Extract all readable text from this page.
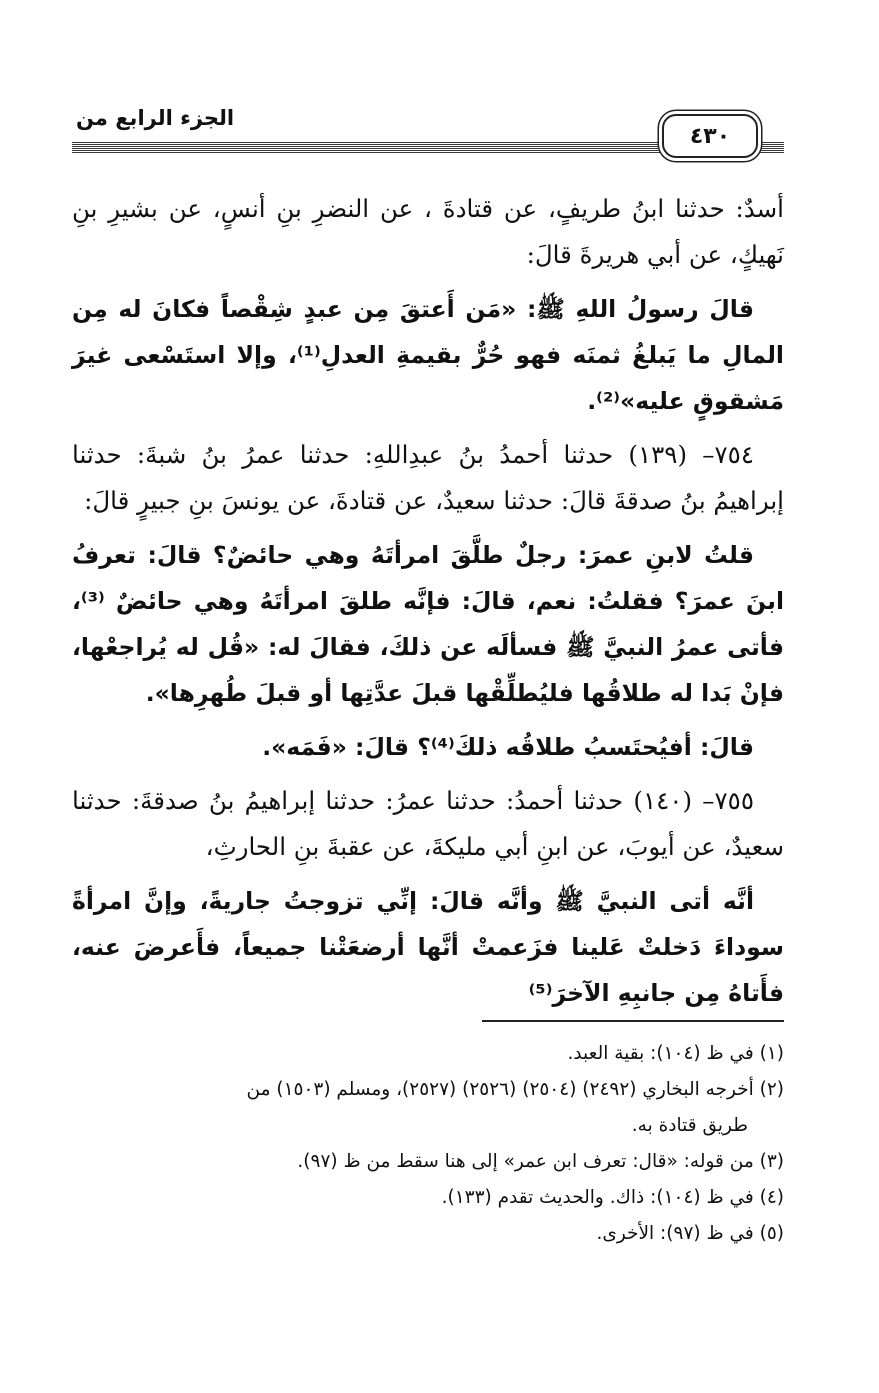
الجزء الرابع من
٤٣٠

أسدٌ: حدثنا ابنُ طريفٍ، عن قتادةَ ، عن النضرِ بنِ أنسٍ، عن بشيرِ بنِ نَهيكٍ، عن أبي هريرةَ قالَ:

قالَ رسولُ اللهِ ﷺ: «مَن أَعتقَ مِن عبدٍ شِقْصاً فكانَ له مِن المالِ ما يَبلغُ ثمنَه فهو حُرٌّ بقيمةِ العدلِ⁽¹⁾، وإلا استَسْعى غيرَ مَشقوقٍ عليه»⁽²⁾.

٧٥٤– (١٣٩) حدثنا أحمدُ بنُ عبدِاللهِ: حدثنا عمرُ بنُ شبةَ: حدثنا إبراهيمُ بنُ صدقةَ قالَ: حدثنا سعيدٌ، عن قتادةَ، عن يونسَ بنِ جبيرٍ قالَ:

قلتُ لابنِ عمرَ: رجلٌ طلَّقَ امرأتَهُ وهي حائضٌ؟ قالَ: تعرفُ ابنَ عمرَ؟ فقلتُ: نعم، قالَ: فإنَّه طلقَ امرأتَهُ وهي حائضٌ ⁽³⁾، فأتى عمرُ النبيَّ ﷺ فسألَه عن ذلكَ، فقالَ له: «قُل له يُراجعْها، فإنْ بَدا له طلاقُها فليُطلِّقْها قبلَ عدَّتِها أو قبلَ طُهرِها».

قالَ: أفيُحتَسبُ طلاقُه ذلكَ⁽⁴⁾؟ قالَ: «فَمَه».

٧٥٥– (١٤٠) حدثنا أحمدُ: حدثنا عمرُ: حدثنا إبراهيمُ بنُ صدقةَ: حدثنا سعيدٌ، عن أيوبَ، عن ابنِ أبي مليكةَ، عن عقبةَ بنِ الحارثِ،

أنَّه أتى النبيَّ ﷺ وأنَّه قالَ: إنِّي تزوجتُ جاريةً، وإنَّ امرأةً سوداءَ دَخلتْ عَلينا فزَعمتْ أنَّها أرضعَتْنا جميعاً، فأَعرضَ عنه، فأَتاهُ مِن جانبِهِ الآخرَ⁽⁵⁾

(١) في ظ (١٠٤): بقية العبد.

(٢) أخرجه البخاري (٢٤٩٢) (٢٥٠٤) (٢٥٢٦) (٢٥٢٧)، ومسلم (١٥٠٣) من

طريق قتادة به.

(٣) من قوله: «قال: تعرف ابن عمر» إلى هنا سقط من ظ (٩٧).

(٤) في ظ (١٠٤): ذاك. والحديث تقدم (١٣٣).

(٥) في ظ (٩٧): الأخرى.
